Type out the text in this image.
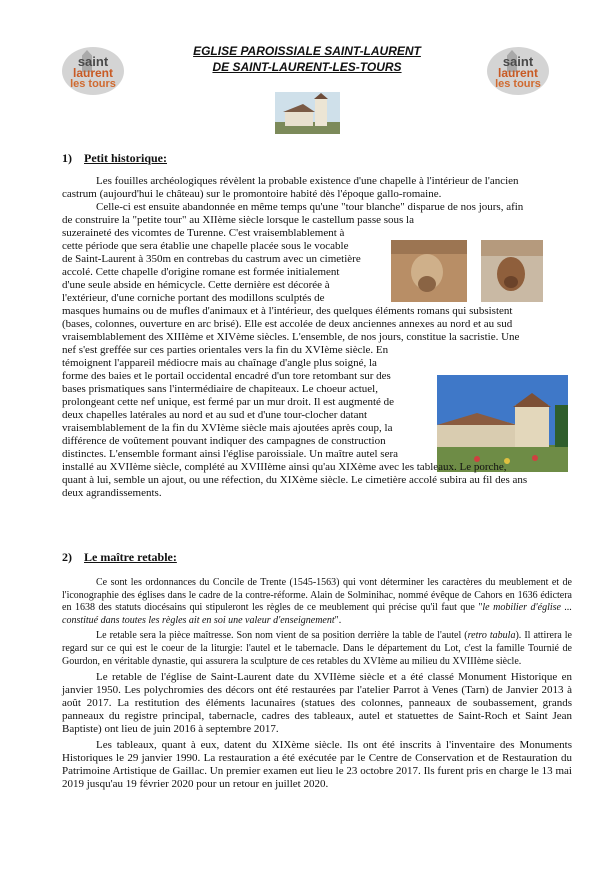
saint
laurent
les tours
saint
laurent
les tours
EGLISE PAROISSIALE SAINT-LAURENT
DE SAINT-LAURENT-LES-TOURS
1) Petit historique:
Les fouilles archéologiques révèlent la probable existence d'une chapelle à l'intérieur de l'ancien
castrum (aujourd'hui le château) sur le promontoire habité dès l'époque gallo-romaine.
Celle-ci est ensuite abandonnée en même temps qu'une "tour blanche" disparue de nos jours, afin
de construire la "petite tour" au XIIème siècle lorsque le castellum passe sous la
suzeraineté des vicomtes de Turenne. C'est vraisemblablement à
cette période que sera établie une chapelle placée sous le vocable
de Saint-Laurent à 350m en contrebas du castrum avec un cimetière
accolé. Cette chapelle d'origine romane est formée initialement
d'une seule abside en hémicycle. Cette dernière est décorée à
l'extérieur, d'une corniche portant des modillons sculptés de
masques humains ou de mufles d'animaux et à l'intérieur, des quelques éléments romans qui subsistent
(bases, colonnes, ouverture en arc brisé). Elle est accolée de deux anciennes annexes au nord et au sud
vraisemblablement des XIIIème et XIVème siècles. L'ensemble, de nos jours, constitue la sacristie. Une
nef s'est greffée sur ces parties orientales vers la fin du XVIème siècle. En
témoignent l'appareil médiocre mais au chaînage d'angle plus soigné, la
forme des baies et le portail occidental encadré d'un tore retombant sur des
bases prismatiques sans l'intermédiaire de chapiteaux. Le choeur actuel,
prolongeant cette nef unique, est fermé par un mur droit. Il est augmenté de
deux chapelles latérales au nord et au sud et d'une tour-clocher datant
vraisemblablement de la fin du XVIème siècle mais ajoutées après coup, la
différence de voûtement pouvant indiquer des campagnes de construction
distinctes. L'ensemble formant ainsi l'église paroissiale. Un maître autel sera
installé au XVIIème siècle, complété au XVIIIème ainsi qu'au XIXème avec les tableaux. Le porche,
quant à lui, semble un ajout, ou une réfection, du XIXème siècle. Le cimetière accolé subira au fil des ans
deux agrandissements.
2) Le maître retable:
Ce sont les ordonnances du Concile de Trente (1545-1563) qui vont déterminer les caractères du meublement et de l'iconographie des églises dans le cadre de la contre-réforme. Alain de Solminihac, nommé évêque de Cahors en 1636 édictera en 1638 des statuts diocésains qui stipuleront les règles de ce meublement qui précise qu'il faut que "le mobilier d'église ... constitué dans toutes les règles ait en soi une valeur d'enseignement".
Le retable sera la pièce maîtresse. Son nom vient de sa position derrière la table de l'autel (retro tabula). Il attirera le regard sur ce qui est le coeur de la liturgie: l'autel et le tabernacle. Dans le département du Lot, c'est la famille Tournié de Gourdon, en véritable dynastie, qui assurera la sculpture de ces retables du XVIème au milieu du XVIIIème siècle.
Le retable de l'église de Saint-Laurent date du XVIIème siècle et a été classé Monument Historique en janvier 1950. Les polychromies des décors ont été restaurées par l'atelier Parrot à Venes (Tarn) de Janvier 2013 à août 2017. La restitution des éléments lacunaires (statues des colonnes, panneaux de soubassement, grands panneaux du registre principal, tabernacle, cadres des tableaux, autel et statuettes de Saint-Roch et Saint Jean Baptiste) ont lieu de juin 2016 à septembre 2017.
Les tableaux, quant à eux, datent du XIXème siècle. Ils ont été inscrits à l'inventaire des Monuments Historiques le 29 janvier 1990. La restauration a été exécutée par le Centre de Conservation et de Restauration du Patrimoine Artistique de Gaillac. Un premier examen eut lieu le 23 octobre 2017. Ils furent pris en charge le 13 mai 2019 jusqu'au 19 février 2020 pour un retour en juillet 2020.
